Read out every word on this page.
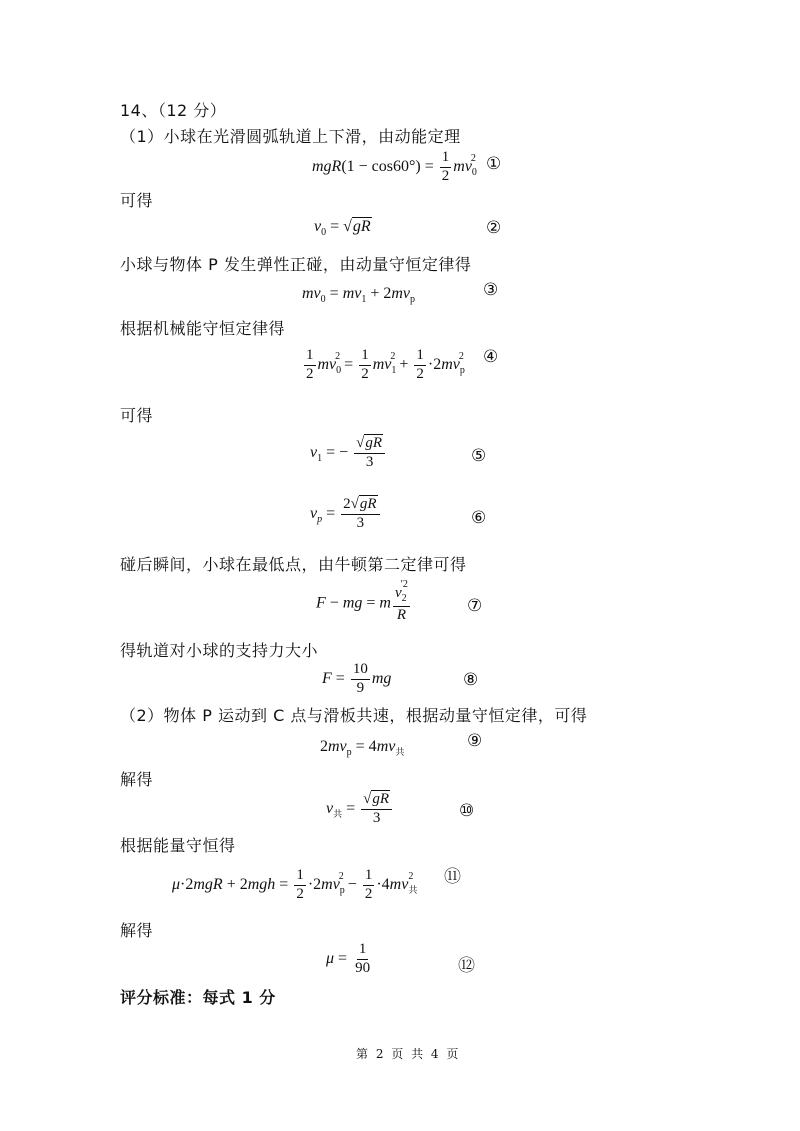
14、（12 分）
（1）小球在光滑圆弧轨道上下滑，由动能定理
$mgR(1 - \cos 60^\circ) = \frac{1}{2} mv_0^2$ ①
可得
$v_0 = √gR$	②
小球与物体 P 发生弹性正碰，由动量守恒定律得
$mv_0 = mv_1 + 2mv_p$	③
根据机械能守恒定律得
$\frac{1}{2} mv_0^2 = \frac{1}{2} mv_1^2 + \frac{1}{2} \cdot 2mv_p^2$ ④
可得
$v_1$ = − $\frac{√gR}{3}$	⑤
$v_p = \frac{2√gR}{3}$	⑥
碰后瞬间，小球在最低点，由牛顿第二定律可得
F − mg = m $\frac{v_2^{'2}}{R}$	⑦
得轨道对小球的支持力大小
$F = \frac{10}{9}$ mg	⑧
（2）物体 P 运动到 C 点与滑板共速，根据动量守恒定律，可得
$2mv_p = 4mv_共$
⑨
解得
$v_共 = \frac{√gR}{3}$	⑩
根据能量守恒得
$\mu\cdot 2mgR + 2mgh = \frac{1}{2} \cdot 2mv_p^2 - \frac{1}{2} \cdot 4mv_共^2$ ⑪
解得
$\mu = \frac{1}{90}$	⑫
评分标准：每式 1 分
第 2 页 共 4 页
